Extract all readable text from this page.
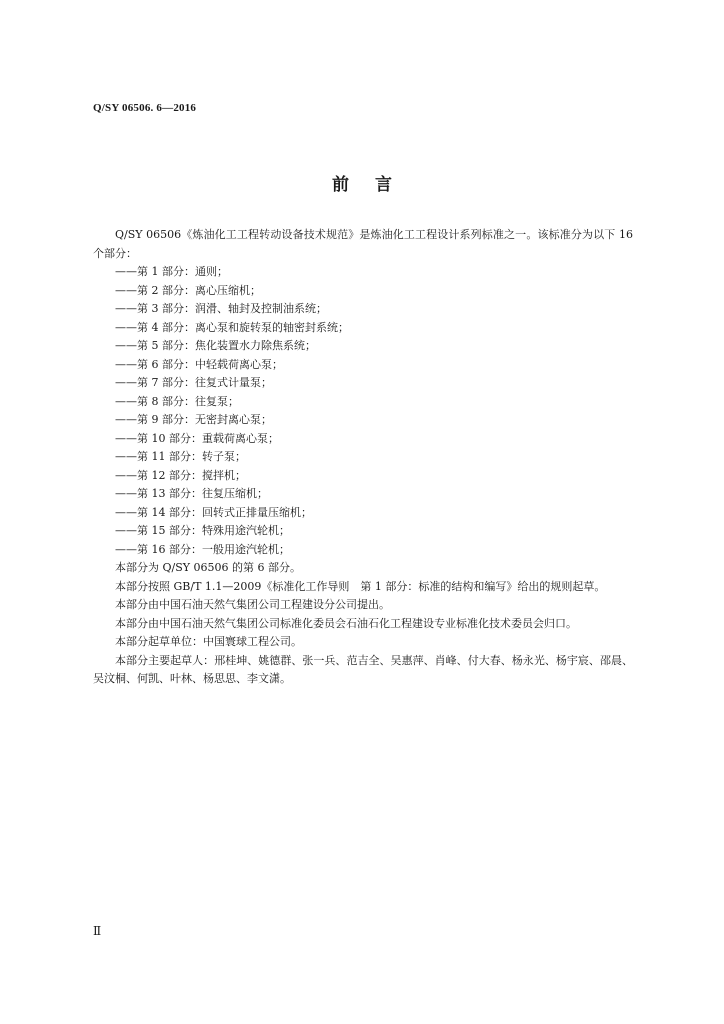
Q/SY 06506. 6—2016
前言

Q/SY 06506《炼油化工工程转动设备技术规范》是炼油化工工程设计系列标准之一。该标准分为以下 16 个部分：

——第 1 部分：通则；
——第 2 部分：离心压缩机；
——第 3 部分：润滑、轴封及控制油系统；
——第 4 部分：离心泵和旋转泵的轴密封系统；
——第 5 部分：焦化装置水力除焦系统；
——第 6 部分：中轻载荷离心泵；
——第 7 部分：往复式计量泵；
——第 8 部分：往复泵；
——第 9 部分：无密封离心泵；
——第 10 部分：重载荷离心泵；
——第 11 部分：转子泵；
——第 12 部分：搅拌机；
——第 13 部分：往复压缩机；
——第 14 部分：回转式正排量压缩机；
——第 15 部分：特殊用途汽轮机；
——第 16 部分：一般用途汽轮机；

本部分为 Q/SY 06506 的第 6 部分。

本部分按照 GB/T 1.1—2009《标准化工作导则　第 1 部分：标准的结构和编写》给出的规则起草。

本部分由中国石油天然气集团公司工程建设分公司提出。

本部分由中国石油天然气集团公司标准化委员会石油石化工程建设专业标准化技术委员会归口。

本部分起草单位：中国寰球工程公司。

本部分主要起草人：邢桂坤、姚德群、张一兵、范吉全、吴惠萍、肖峰、付大春、杨永光、杨宇宸、邵晨、吴汶桐、何凯、叶林、杨思思、李文潇。

Ⅱ
